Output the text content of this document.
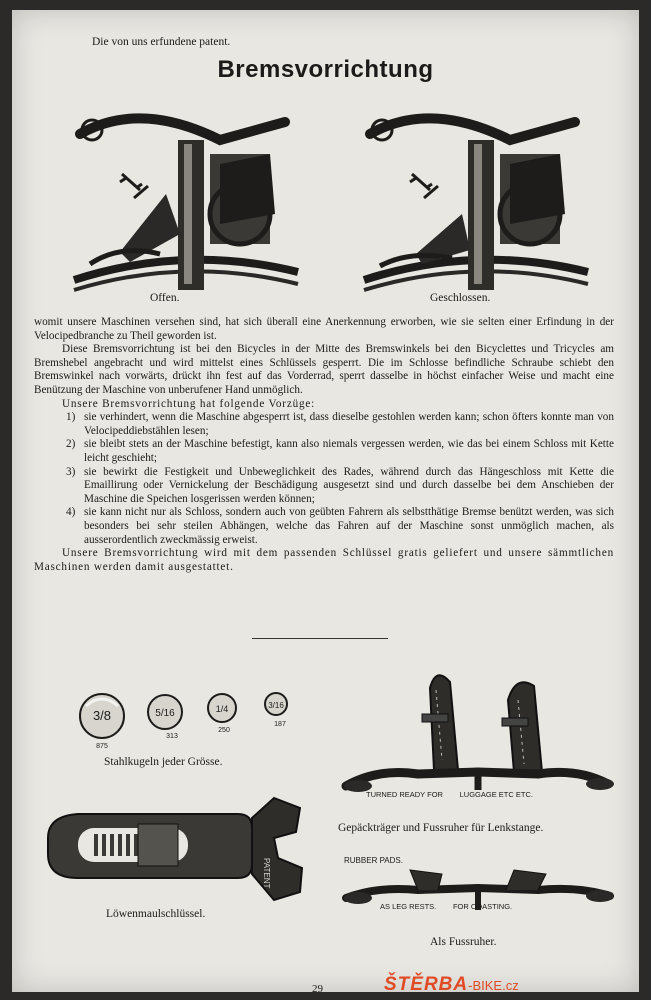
Die von uns erfundene patent.
Bremsvorrichtung
Offen.	Geschlossen.

womit unsere Maschinen versehen sind, hat sich überall eine Anerkennung erworben, wie sie selten einer Erfindung in der Velocipedbranche zu Theil geworden ist.

Diese Bremsvorrichtung ist bei den Bicycles in der Mitte des Bremswinkels bei den Bicyclettes und Tricycles am Bremshebel angebracht und wird mittelst eines Schlüssels gesperrt. Die im Schlosse befindliche Schraube schiebt den Bremswinkel nach vorwärts, drückt ihn fest auf das Vorderrad, sperrt dasselbe in höchst einfacher Weise und macht eine Benützung der Maschine von unberufener Hand unmöglich.

Unsere Bremsvorrichtung hat folgende Vorzüge:

1) sie verhindert, wenn die Maschine abgesperrt ist, dass dieselbe gestohlen werden kann; schon öfters konnte man von Velocipeddiebstählen lesen;
2) sie bleibt stets an der Maschine befestigt, kann also niemals vergessen werden, wie das bei einem Schloss mit Kette leicht geschieht;
3) sie bewirkt die Festigkeit und Unbeweglichkeit des Rades, während durch das Hängeschloss mit Kette die Emaillirung oder Vernickelung der Beschädigung ausgesetzt sind und durch dasselbe bei dem Anschieben der Maschine die Speichen losgerissen werden können;
4) sie kann nicht nur als Schloss, sondern auch von geübten Fahrern als selbstthätige Bremse benützt werden, was sich besonders bei sehr steilen Abhängen, welche das Fahren auf der Maschine sonst unmöglich machen, als ausserordentlich zweckmässig erweist.

Unsere Bremsvorrichtung wird mit dem passenden Schlüssel gratis geliefert und unsere sämmtlichen Maschinen werden damit ausgestattet.

3/8	5/16	1/4	3/16
875
313
250
187
Stahlkugeln jeder Grösse.
PATENT
Löwenmaulschlüssel.
TURNED READY FOR        LUGGAGE ETC ETC.
Gepäckträger und Fussruher für Lenkstange.
RUBBER PADS.
AS LEG RESTS.        FOR COASTING.
Als Fussruher.
29	ŠTĚRBA-BIKE.cz
